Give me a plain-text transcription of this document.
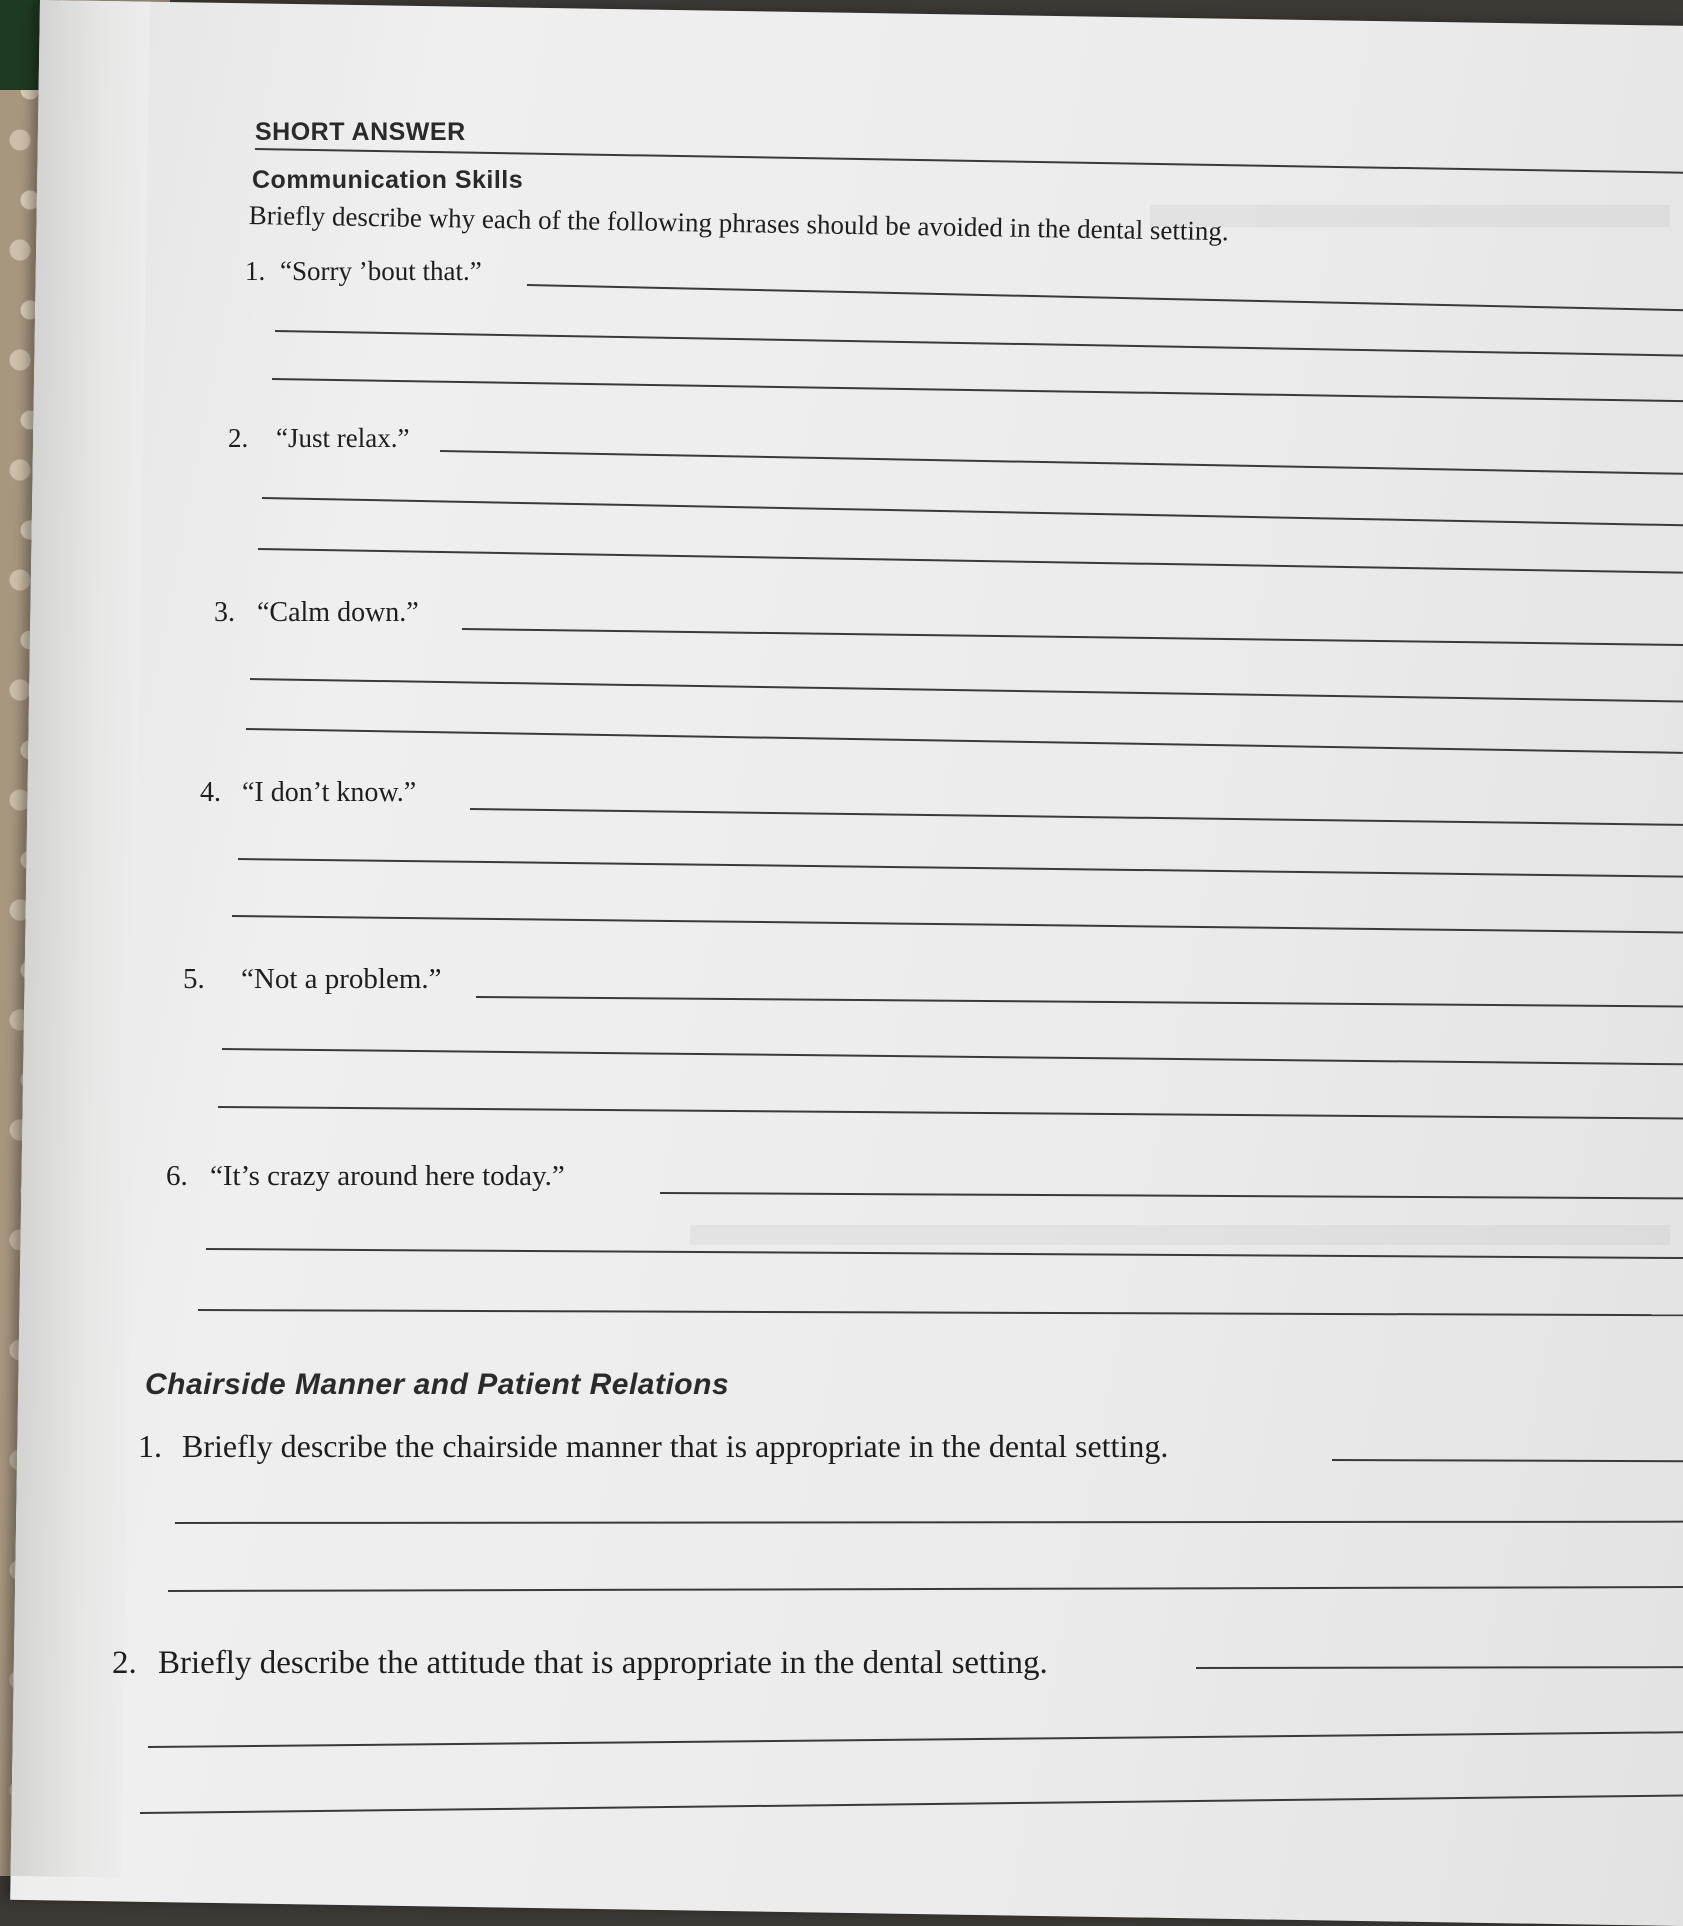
SHORT ANSWER
Communication Skills
Briefly describe why each of the following phrases should be avoided in the dental setting.
1. “Sorry ’bout that.”
2. “Just relax.”
3. “Calm down.”
4. “I don’t know.”
5. “Not a problem.”
6. “It’s crazy around here today.”
Chairside Manner and Patient Relations
1. Briefly describe the chairside manner that is appropriate in the dental setting.
2. Briefly describe the attitude that is appropriate in the dental setting.
